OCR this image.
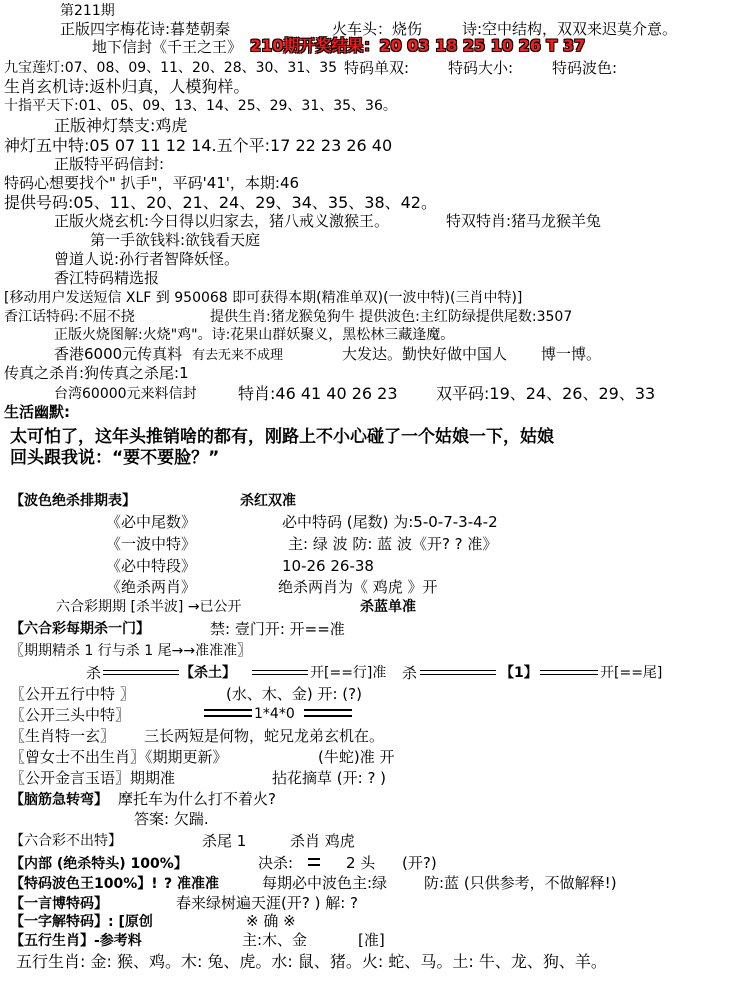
第211期
正版四字梅花诗:暮楚朝秦	火车头：烧伤	诗:空中结构，双双来迟莫介意。
地下信封《千王之王》 210期开奖结果：20 03 18 25 10 26 T 37
九宝莲灯:07、08、09、11、20、28、30、31、35 特码单双:	特码大小:	特码波色:
生肖玄机诗:返朴归真，人模狗样。
十指平天下:01、05、09、13、14、25、29、31、35、36。
正版神灯禁支:鸡虎
神灯五中特:05 07 11 12 14.五个平:17 22 23 26 40
正版特平码信封:
特码心想要找个" 扒手"，平码'41'，本期:46
提供号码:05、11、20、21、24、29、34、35、38、42。
正版火烧玄机:今日得以归家去，猪八戒义激猴王。	特双特肖:猪马龙猴羊兔
第一手欲钱料:欲钱看天庭
曾道人说:孙行者智降妖怪。
香江特码精选报
[移动用户发送短信 XLF 到 950068 即可获得本期(精准单双)(一波中特)(三肖中特)]
香江话特码:不屈不挠	提供生肖:猪龙猴兔狗牛 提供波色:主红防绿提供尾数:3507
正版火烧图解:火烧"鸡"。诗:花果山群妖聚义，黑松林三藏逢魔。
香港6000元传真料 有去无来不成理	大发达。勤快好做中国人 博一博。
传真之杀肖:狗传真之杀尾:1
台湾60000元来料信封	特肖:46 41 40 26 23 双平码:19、24、26、29、33
生活幽默:
太可怕了，这年头推销啥的都有，刚路上不小心碰了一个姑娘一下，姑娘
回头跟我说：“要不要脸？”
【波色绝杀排期表】	杀红双准
《必中尾数》	必中特码 (尾数) 为:5-0-7-3-4-2
《一波中特》	主: 绿 波 防: 蓝 波《开? ? 准》
《必中特段》	10-26 26-38
《绝杀两肖》	绝杀两肖为《 鸡虎 》开
六合彩期期 [杀半波] →已公开	杀蓝单准
【六合彩每期杀一门】	禁: 壹门开: 开==准
〖期期精杀 1 行与杀 1 尾→→准准准〗
杀	【杀土】	开[==行]准 杀	【1】	开[==尾]
〖公开五行中特 〗	(水、木、金) 开: (?)
〖公开三头中特〗	1*4*0
〖生肖特一玄〗 三长两短是何物，蛇兄龙弟玄机在。
〖曾女士不出生肖〗《期期更新》	(牛蛇)准 开
〖公开金言玉语〗期期准	拈花摘草 (开: ? )
【脑筋急转弯】 摩托车为什么打不着火?
答案: 欠踹.
【六合彩不出特】	杀尾 1	杀肖 鸡虎
【内部 (绝杀特头) 100%】	决杀:	2 头 (开?)
【特码波色王100%】! ? 准准准	每期必中波色主:绿 防:蓝 (只供参考，不做解释!)
【一言博特码】	春来绿树遍天涯(开? ) 解: ?
【一字解特码】: [原创	※ 确 ※
【五行生肖】-参考料	主:木、金	[准]
五行生肖: 金: 猴、鸡。木: 兔、虎。水: 鼠、猪。火: 蛇、马。土: 牛、龙、狗、羊。
